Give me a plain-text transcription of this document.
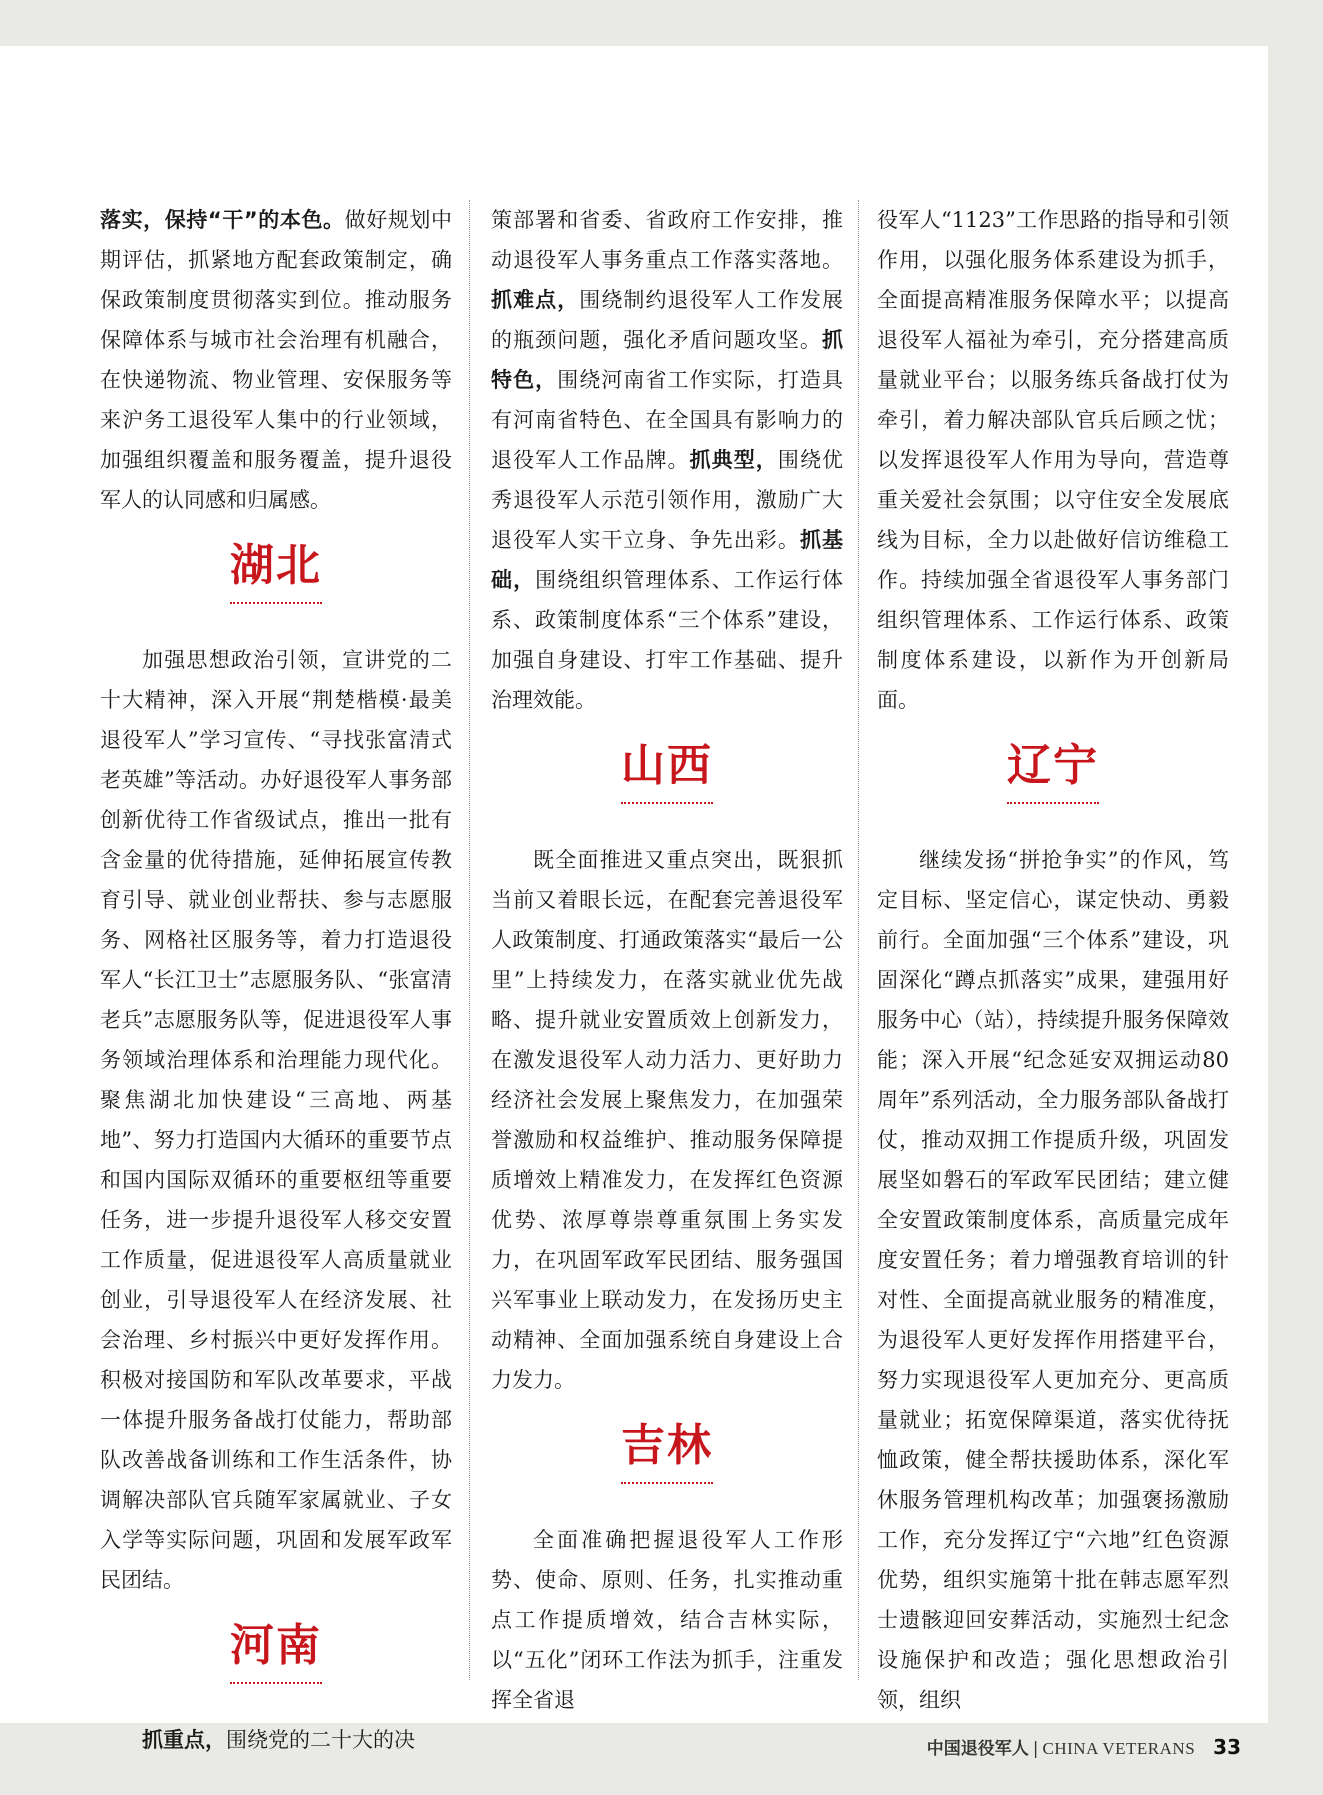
落实，保持“干”的本色。做好规划中期评估，抓紧地方配套政策制定，确保政策制度贯彻落实到位。推动服务保障体系与城市社会治理有机融合，在快递物流、物业管理、安保服务等来沪务工退役军人集中的行业领域，加强组织覆盖和服务覆盖，提升退役军人的认同感和归属感。

湖北

加强思想政治引领，宣讲党的二十大精神，深入开展“荆楚楷模·最美退役军人”学习宣传、“寻找张富清式老英雄”等活动。办好退役军人事务部创新优待工作省级试点，推出一批有含金量的优待措施，延伸拓展宣传教育引导、就业创业帮扶、参与志愿服务、网格社区服务等，着力打造退役军人“长江卫士”志愿服务队、“张富清老兵”志愿服务队等，促进退役军人事务领域治理体系和治理能力现代化。聚焦湖北加快建设“三高地、两基地”、努力打造国内大循环的重要节点和国内国际双循环的重要枢纽等重要任务，进一步提升退役军人移交安置工作质量，促进退役军人高质量就业创业，引导退役军人在经济发展、社会治理、乡村振兴中更好发挥作用。积极对接国防和军队改革要求，平战一体提升服务备战打仗能力，帮助部队改善战备训练和工作生活条件，协调解决部队官兵随军家属就业、子女入学等实际问题，巩固和发展军政军民团结。

河南

抓重点，围绕党的二十大的决

策部署和省委、省政府工作安排，推动退役军人事务重点工作落实落地。抓难点，围绕制约退役军人工作发展的瓶颈问题，强化矛盾问题攻坚。抓特色，围绕河南省工作实际，打造具有河南省特色、在全国具有影响力的退役军人工作品牌。抓典型，围绕优秀退役军人示范引领作用，激励广大退役军人实干立身、争先出彩。抓基础，围绕组织管理体系、工作运行体系、政策制度体系“三个体系”建设，加强自身建设、打牢工作基础、提升治理效能。

山西

既全面推进又重点突出，既狠抓当前又着眼长远，在配套完善退役军人政策制度、打通政策落实“最后一公里”上持续发力，在落实就业优先战略、提升就业安置质效上创新发力，在激发退役军人动力活力、更好助力经济社会发展上聚焦发力，在加强荣誉激励和权益维护、推动服务保障提质增效上精准发力，在发挥红色资源优势、浓厚尊崇尊重氛围上务实发力，在巩固军政军民团结、服务强国兴军事业上联动发力，在发扬历史主动精神、全面加强系统自身建设上合力发力。

吉林

全面准确把握退役军人工作形势、使命、原则、任务，扎实推动重点工作提质增效，结合吉林实际，以“五化”闭环工作法为抓手，注重发挥全省退

役军人“1123”工作思路的指导和引领作用，以强化服务体系建设为抓手，全面提高精准服务保障水平；以提高退役军人福祉为牵引，充分搭建高质量就业平台；以服务练兵备战打仗为牵引，着力解决部队官兵后顾之忧；以发挥退役军人作用为导向，营造尊重关爱社会氛围；以守住安全发展底线为目标，全力以赴做好信访维稳工作。持续加强全省退役军人事务部门组织管理体系、工作运行体系、政策制度体系建设，以新作为开创新局面。

辽宁

继续发扬“拼抢争实”的作风，笃定目标、坚定信心，谋定快动、勇毅前行。全面加强“三个体系”建设，巩固深化“蹲点抓落实”成果，建强用好服务中心（站），持续提升服务保障效能；深入开展“纪念延安双拥运动80周年”系列活动，全力服务部队备战打仗，推动双拥工作提质升级，巩固发展坚如磐石的军政军民团结；建立健全安置政策制度体系，高质量完成年度安置任务；着力增强教育培训的针对性、全面提高就业服务的精准度，为退役军人更好发挥作用搭建平台，努力实现退役军人更加充分、更高质量就业；拓宽保障渠道，落实优待抚恤政策，健全帮扶援助体系，深化军休服务管理机构改革；加强褒扬激励工作，充分发挥辽宁“六地”红色资源优势，组织实施第十批在韩志愿军烈士遗骸迎回安葬活动，实施烈士纪念设施保护和改造；强化思想政治引领，组织

中国退役军人 | CHINA VETERANS 33
